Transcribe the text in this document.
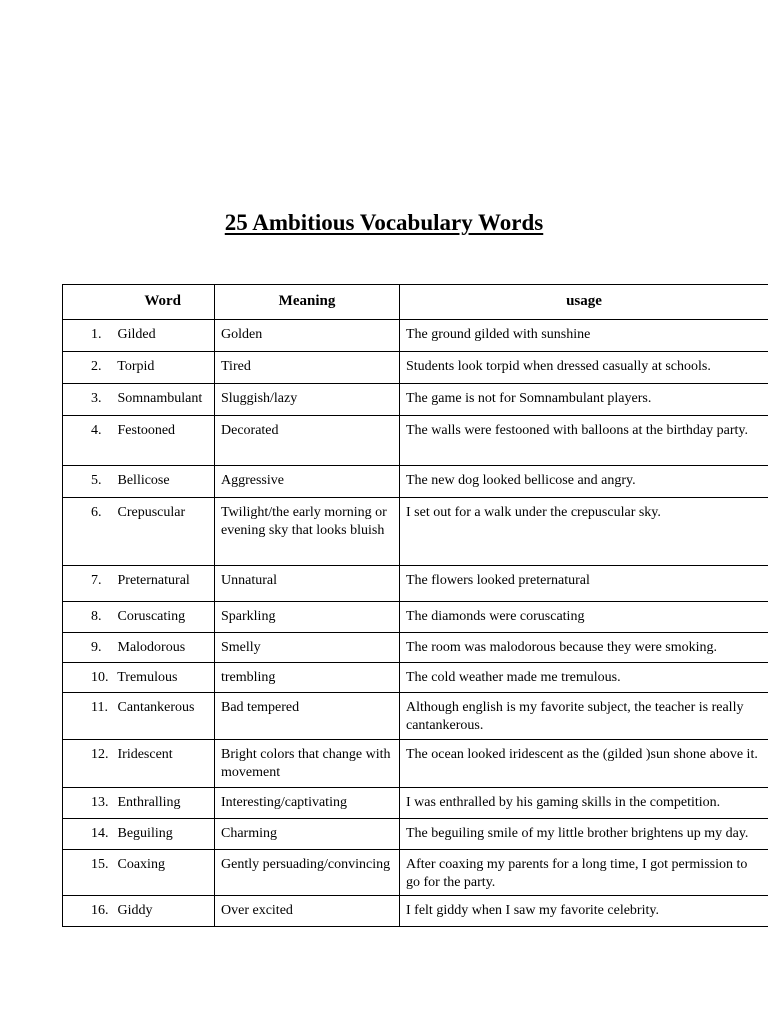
25 Ambitious Vocabulary Words
Word	Meaning	usage
1. Gilded	Golden	The ground gilded with sunshine
2. Torpid	Tired	Students look torpid when dressed casually at schools.
3. Somnambulant	Sluggish/lazy	The game is not for Somnambulant players.
4. Festooned	Decorated	The walls were festooned with balloons at the birthday party.
5. Bellicose	Aggressive	The new dog looked bellicose and angry.
6. Crepuscular	Twilight/the early morning or evening sky that looks bluish	I set out for a walk under the crepuscular sky.
7. Preternatural	Unnatural	The flowers looked preternatural
8. Coruscating	Sparkling	The diamonds were coruscating
9. Malodorous	Smelly	The room was malodorous because they were smoking.
10. Tremulous	trembling	The cold weather made me tremulous.
11. Cantankerous	Bad tempered	Although english is my favorite subject, the teacher is really cantankerous.
12. Iridescent	Bright colors that change with movement	The ocean looked iridescent as the (gilded )sun shone above it.
13. Enthralling	Interesting/captivating	I was enthralled by his gaming skills in the competition.
14. Beguiling	Charming	The beguiling smile of my little brother brightens up my day.
15. Coaxing	Gently persuading/convincing	After coaxing my parents for a long time, I got permission to go for the party.
16. Giddy	Over excited	I felt giddy when I saw my favorite celebrity.
